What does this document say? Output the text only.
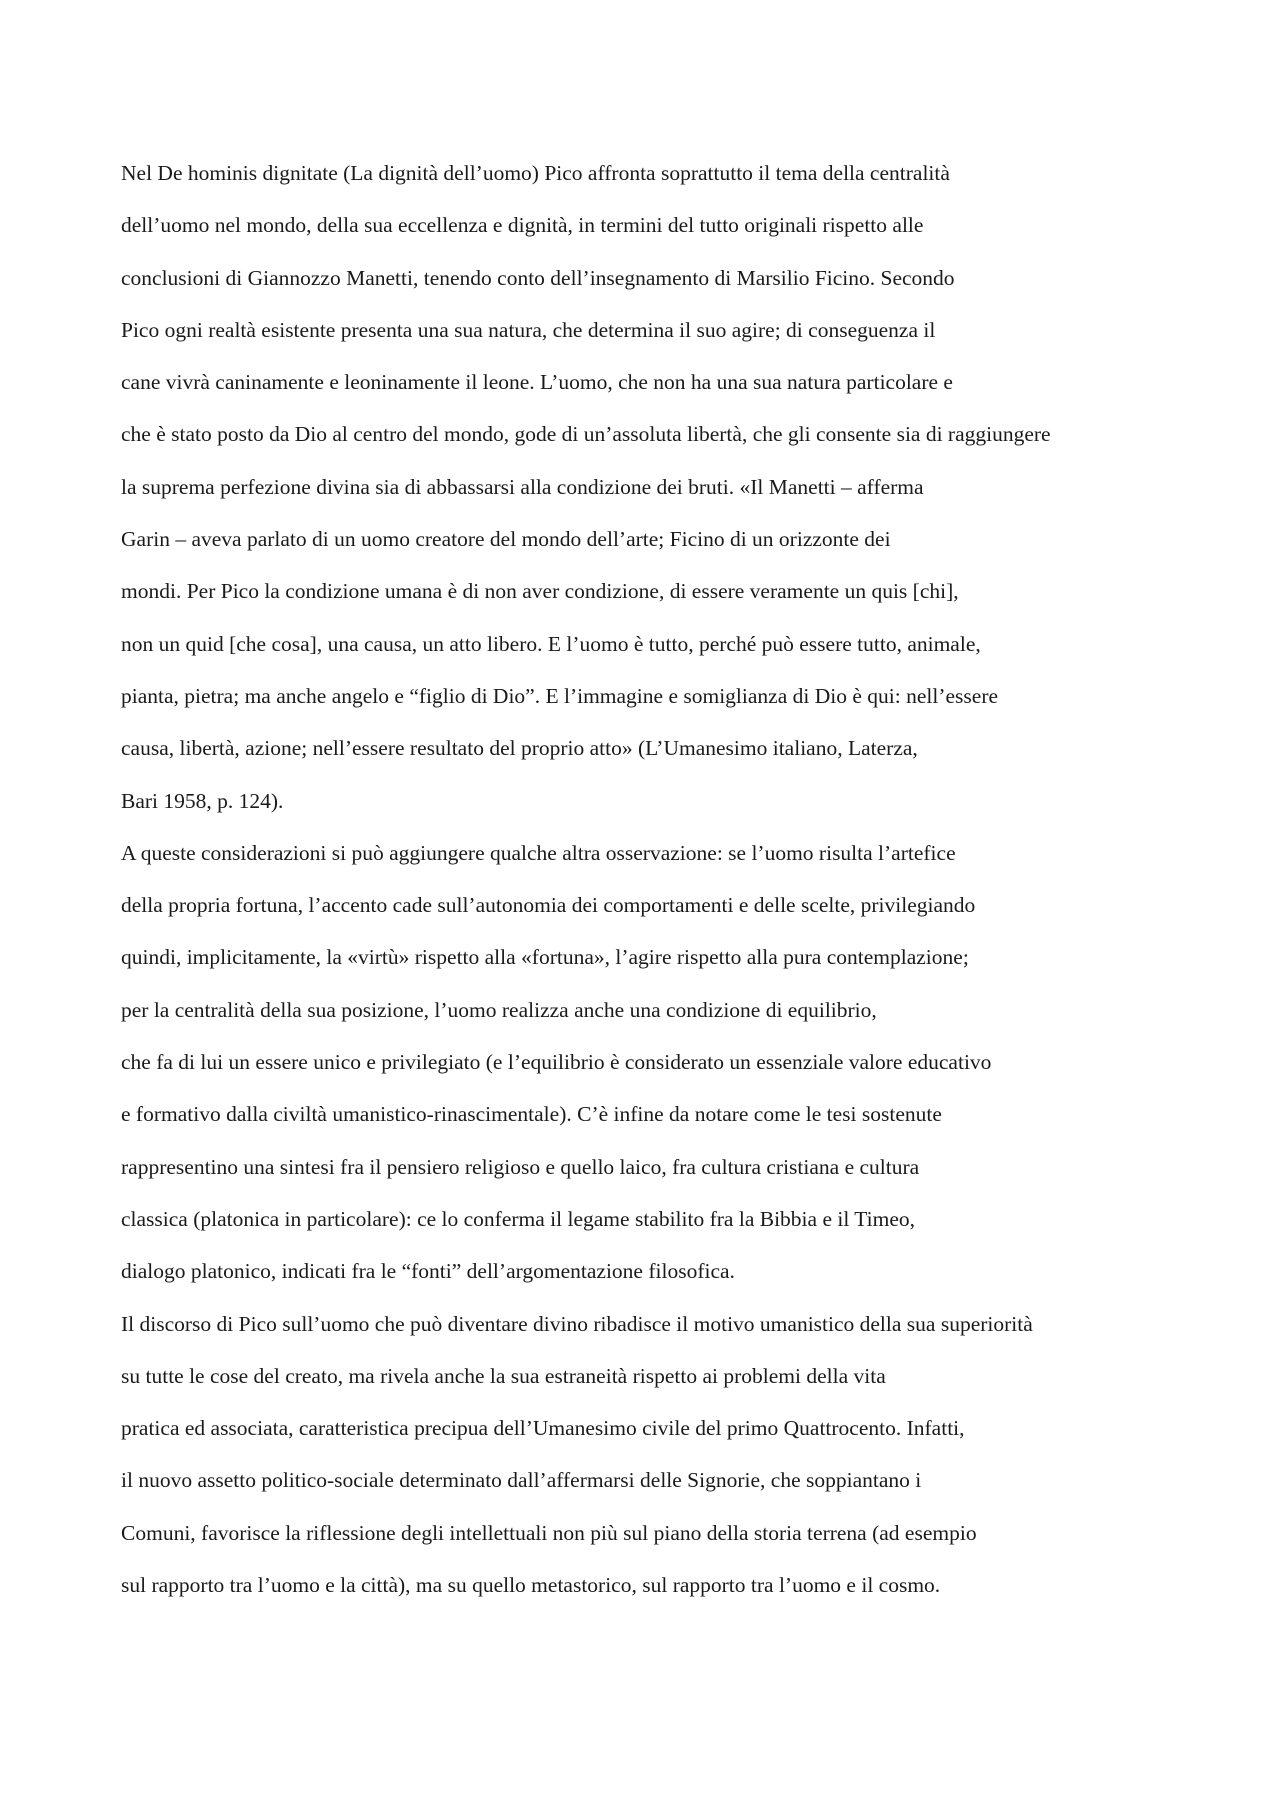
Nel De hominis dignitate (La dignità dell’uomo) Pico affronta soprattutto il tema della centralità
dell’uomo nel mondo, della sua eccellenza e dignità, in termini del tutto originali rispetto alle
conclusioni di Giannozzo Manetti, tenendo conto dell’insegnamento di Marsilio Ficino. Secondo
Pico ogni realtà esistente presenta una sua natura, che determina il suo agire; di conseguenza il
cane vivrà caninamente e leoninamente il leone. L’uomo, che non ha una sua natura particolare e
che è stato posto da Dio al centro del mondo, gode di un’assoluta libertà, che gli consente sia di raggiungere
la suprema perfezione divina sia di abbassarsi alla condizione dei bruti. «Il Manetti – afferma
Garin – aveva parlato di un uomo creatore del mondo dell’arte; Ficino di un orizzonte dei
mondi. Per Pico la condizione umana è di non aver condizione, di essere veramente un quis [chi],
non un quid [che cosa], una causa, un atto libero. E l’uomo è tutto, perché può essere tutto, animale,
pianta, pietra; ma anche angelo e “figlio di Dio”. E l’immagine e somiglianza di Dio è qui: nell’essere
causa, libertà, azione; nell’essere resultato del proprio atto» (L’Umanesimo italiano, Laterza,
Bari 1958, p. 124).
A queste considerazioni si può aggiungere qualche altra osservazione: se l’uomo risulta l’artefice
della propria fortuna, l’accento cade sull’autonomia dei comportamenti e delle scelte, privilegiando
quindi, implicitamente, la «virtù» rispetto alla «fortuna», l’agire rispetto alla pura contemplazione;
per la centralità della sua posizione, l’uomo realizza anche una condizione di equilibrio,
che fa di lui un essere unico e privilegiato (e l’equilibrio è considerato un essenziale valore educativo
e formativo dalla civiltà umanistico-rinascimentale). C’è infine da notare come le tesi sostenute
rappresentino una sintesi fra il pensiero religioso e quello laico, fra cultura cristiana e cultura
classica (platonica in particolare): ce lo conferma il legame stabilito fra la Bibbia e il Timeo,
dialogo platonico, indicati fra le “fonti” dell’argomentazione filosofica.
Il discorso di Pico sull’uomo che può diventare divino ribadisce il motivo umanistico della sua superiorità
su tutte le cose del creato, ma rivela anche la sua estraneità rispetto ai problemi della vita
pratica ed associata, caratteristica precipua dell’Umanesimo civile del primo Quattrocento. Infatti,
il nuovo assetto politico-sociale determinato dall’affermarsi delle Signorie, che soppiantano i
Comuni, favorisce la riflessione degli intellettuali non più sul piano della storia terrena (ad esempio
sul rapporto tra l’uomo e la città), ma su quello metastorico, sul rapporto tra l’uomo e il cosmo.
